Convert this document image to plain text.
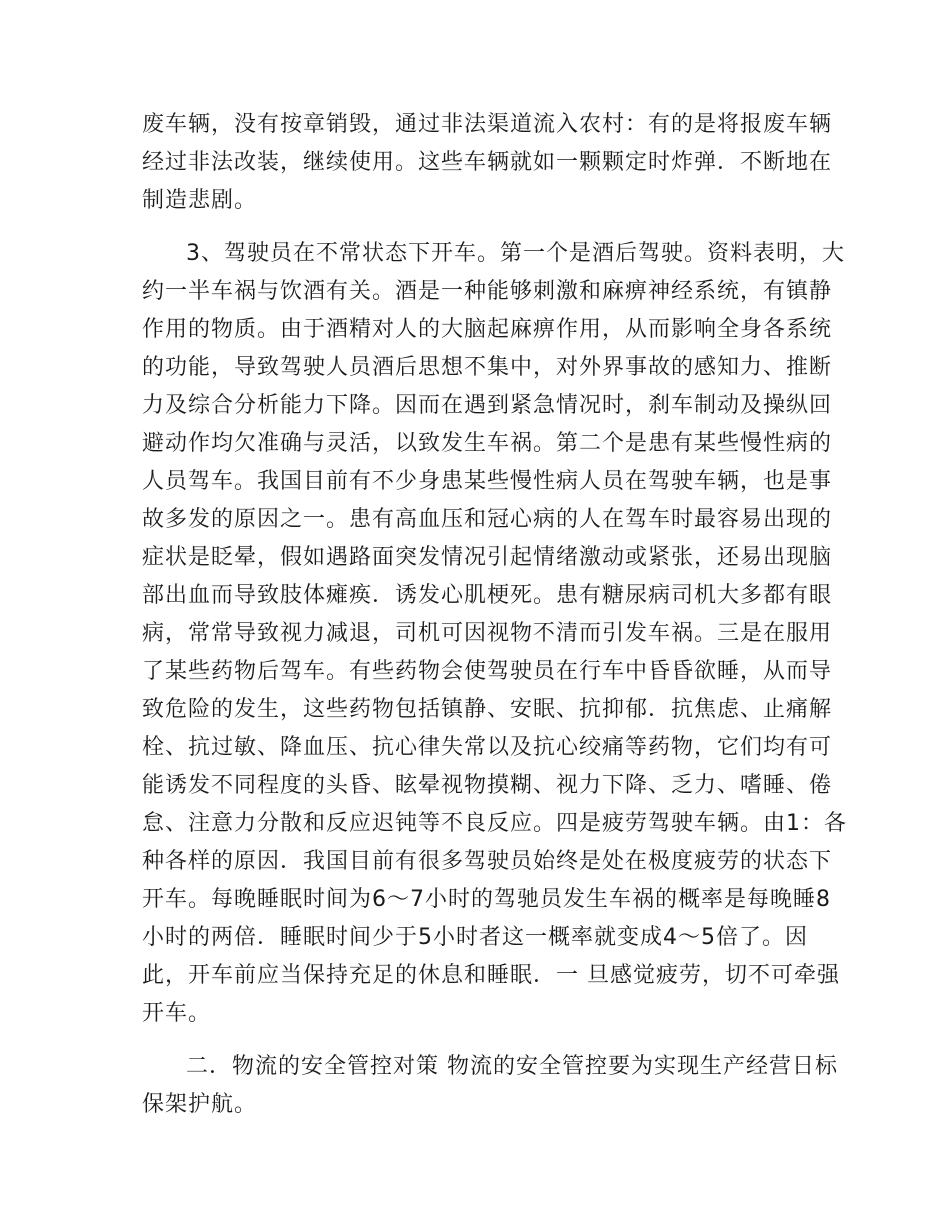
废车辆，没有按章销毁，通过非法渠道流入农村：有的是将报废车辆
经过非法改装，继续使用。这些车辆就如一颗颗定时炸弹．不断地在
制造悲剧。
3、驾驶员在不常状态下开车。第一个是酒后驾驶。资料表明，大
约一半车祸与饮酒有关。酒是一种能够刺激和麻痹神经系统，有镇静
作用的物质。由于酒精对人的大脑起麻痹作用，从而影响全身各系统
的功能，导致驾驶人员酒后思想不集中，对外界事故的感知力、推断
力及综合分析能力下降。因而在遇到紧急情况时，刹车制动及操纵回
避动作均欠准确与灵活，以致发生车祸。第二个是患有某些慢性病的
人员驾车。我国目前有不少身患某些慢性病人员在驾驶车辆，也是事
故多发的原因之一。患有高血压和冠心病的人在驾车时最容易出现的
症状是眨晕，假如遇路面突发情况引起情绪激动或紧张，还易出现脑
部出血而导致肢体瘫痪．诱发心肌梗死。患有糖尿病司机大多都有眼
病，常常导致视力减退，司机可因视物不清而引发车祸。三是在服用
了某些药物后驾车。有些药物会使驾驶员在行车中昏昏欲睡，从而导
致危险的发生，这些药物包括镇静、安眠、抗抑郁．抗焦虑、止痛解
栓、抗过敏、降血压、抗心律失常以及抗心绞痛等药物，它们均有可
能诱发不同程度的头昏、眩晕视物摸糊、视力下降、乏力、嗜睡、倦
怠、注意力分散和反应迟钝等不良反应。四是疲劳驾驶车辆。由1：各
种各样的原因．我国目前有很多驾驶员始终是处在极度疲劳的状态下
开车。每晚睡眠时间为6～7小时的驾驰员发生车祸的概率是每晚睡8
小时的两倍．睡眠时间少于5小时者这一概率就变成4～5倍了。因
此，开车前应当保持充足的休息和睡眠．一 旦感觉疲劳，切不可牵强
开车。
二．物流的安全管控对策 物流的安全管控要为实现生产经营日标
保架护航。
